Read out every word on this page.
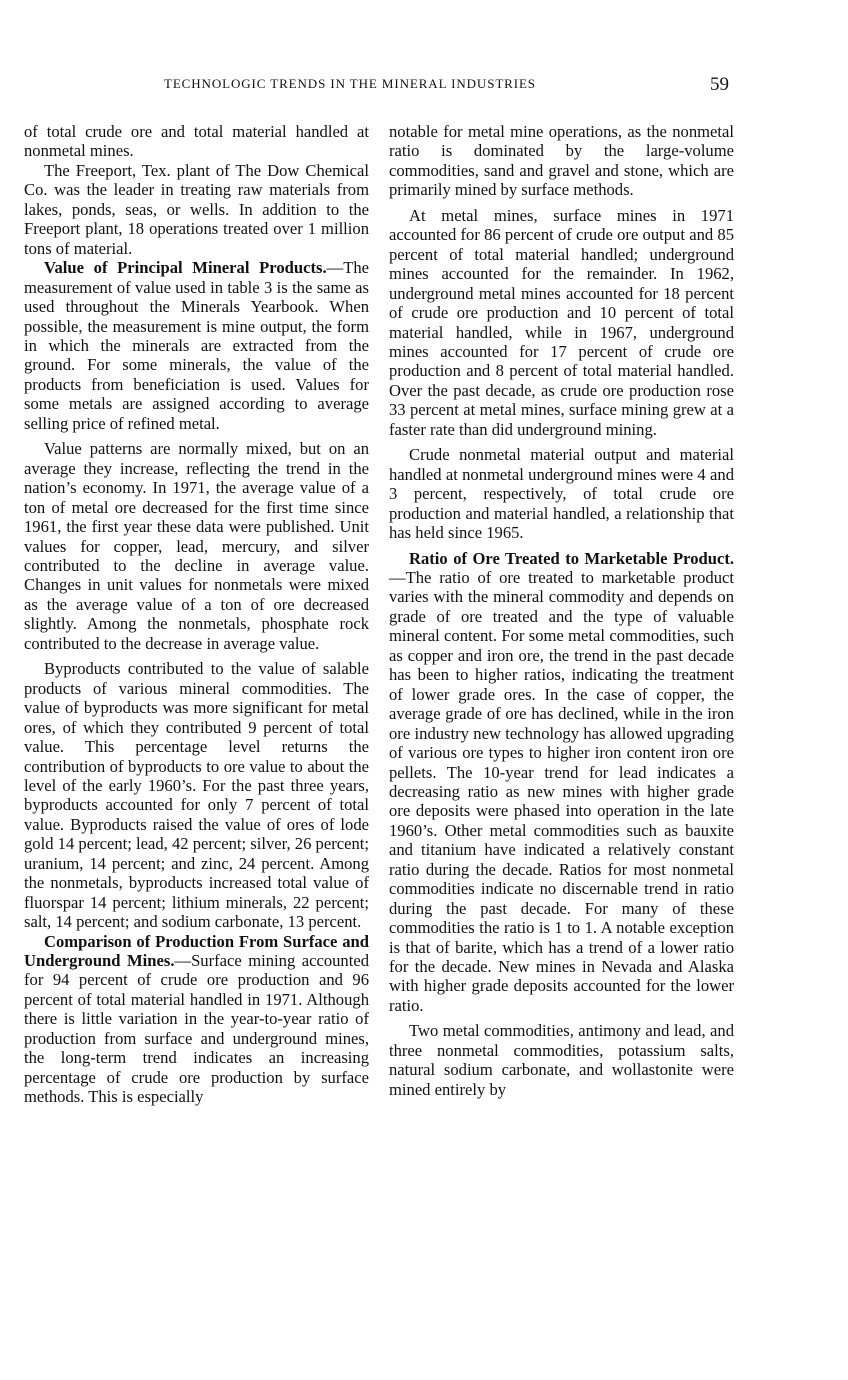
TECHNOLOGIC TRENDS IN THE MINERAL INDUSTRIES	59

of total crude ore and total material handled at nonmetal mines.

The Freeport, Tex. plant of The Dow Chemical Co. was the leader in treating raw materials from lakes, ponds, seas, or wells. In addition to the Freeport plant, 18 operations treated over 1 million tons of material.

Value of Principal Mineral Products.—The measurement of value used in table 3 is the same as used throughout the Minerals Yearbook. When possible, the measurement is mine output, the form in which the minerals are extracted from the ground. For some minerals, the value of the products from beneficiation is used. Values for some metals are assigned according to average selling price of refined metal.

Value patterns are normally mixed, but on an average they increase, reflecting the trend in the nation’s economy. In 1971, the average value of a ton of metal ore decreased for the first time since 1961, the first year these data were published. Unit values for copper, lead, mercury, and silver contributed to the decline in average value. Changes in unit values for nonmetals were mixed as the average value of a ton of ore decreased slightly. Among the nonmetals, phosphate rock contributed to the decrease in average value.

Byproducts contributed to the value of salable products of various mineral commodities. The value of byproducts was more significant for metal ores, of which they contributed 9 percent of total value. This percentage level returns the contribution of byproducts to ore value to about the level of the early 1960’s. For the past three years, byproducts accounted for only 7 percent of total value. Byproducts raised the value of ores of lode gold 14 percent; lead, 42 percent; silver, 26 percent; uranium, 14 percent; and zinc, 24 percent. Among the nonmetals, byproducts increased total value of fluorspar 14 percent; lithium minerals, 22 percent; salt, 14 percent; and sodium carbonate, 13 percent.

Comparison of Production From Surface and Underground Mines.—Surface mining accounted for 94 percent of crude ore production and 96 percent of total material handled in 1971. Although there is little variation in the year-to-year ratio of production from surface and underground mines, the long-term trend indicates an increasing percentage of crude ore production by surface methods. This is especially

notable for metal mine operations, as the nonmetal ratio is dominated by the large-volume commodities, sand and gravel and stone, which are primarily mined by surface methods.

At metal mines, surface mines in 1971 accounted for 86 percent of crude ore output and 85 percent of total material handled; underground mines accounted for the remainder. In 1962, underground metal mines accounted for 18 percent of crude ore production and 10 percent of total material handled, while in 1967, underground mines accounted for 17 percent of crude ore production and 8 percent of total material handled. Over the past decade, as crude ore production rose 33 percent at metal mines, surface mining grew at a faster rate than did underground mining.

Crude nonmetal material output and material handled at nonmetal underground mines were 4 and 3 percent, respectively, of total crude ore production and material handled, a relationship that has held since 1965.

Ratio of Ore Treated to Marketable Product.—The ratio of ore treated to marketable product varies with the mineral commodity and depends on grade of ore treated and the type of valuable mineral content. For some metal commodities, such as copper and iron ore, the trend in the past decade has been to higher ratios, indicating the treatment of lower grade ores. In the case of copper, the average grade of ore has declined, while in the iron ore industry new technology has allowed upgrading of various ore types to higher iron content iron ore pellets. The 10-year trend for lead indicates a decreasing ratio as new mines with higher grade ore deposits were phased into operation in the late 1960’s. Other metal commodities such as bauxite and titanium have indicated a relatively constant ratio during the decade. Ratios for most nonmetal commodities indicate no discernable trend in ratio during the past decade. For many of these commodities the ratio is 1 to 1. A notable exception is that of barite, which has a trend of a lower ratio for the decade. New mines in Nevada and Alaska with higher grade deposits accounted for the lower ratio.

Two metal commodities, antimony and lead, and three nonmetal commodities, potassium salts, natural sodium carbonate, and wollastonite were mined entirely by
